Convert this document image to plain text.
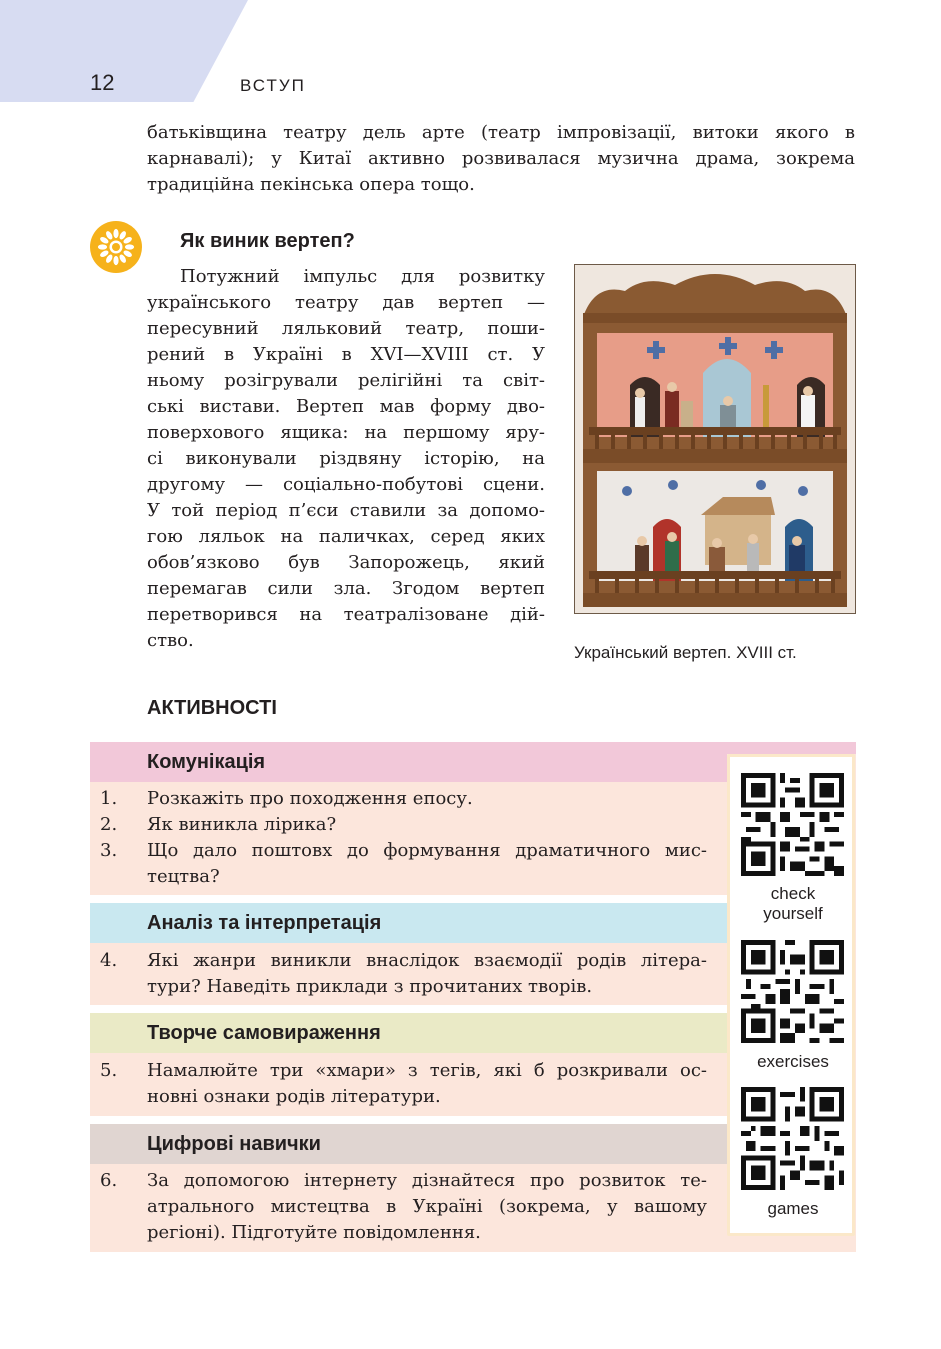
12	ВСТУП

батьківщина театру дель арте (театр імпровізації, витоки якого в карнавалі); у Китаї активно розвивалася музична драма, зокрема традиційна пекінська опера тощо.

Як виник вертеп?
Потужний імпульс для розвитку
українського театру дав вертеп —
пересувний ляльковий театр, поши-
рений в Україні в XVI—XVIII ст. У
ньому розігрували релігійні та світ-
ські вистави. Вертеп мав форму дво-
поверхового ящика: на першому яру-
сі виконували різдвяну історію, на
другому — соціально-побутові сцени.
У той період п’єси ставили за допомо-
гою ляльок на паличках, серед яких
обов’язково був Запорожець, який
перемагав сили зла. Згодом вертеп
перетворився на театралізоване дій-
ство.

Український вертеп. XVIII ст.

АКТИВНОСТІ
Комунікація
1.	Розкажіть про походження епосу.
2.	Як виникла лірика?
3.	Що дало поштовх до формування драматичного мис-
тецтва?
Аналіз та інтерпретація
4.	Які жанри виникли внаслідок взаємодії родів літера-
тури? Наведіть приклади з прочитаних творів.
Творче самовираження
5.	Намалюйте три «хмари» з тегів, які б розкривали ос-
новні ознаки родів літератури.
Цифрові навички
6.	За допомогою інтернету дізнайтеся про розвиток те-
атрального мистецтва в Україні (зокрема, у вашому
регіоні). Підготуйте повідомлення.
check
yourself
exercises
games
